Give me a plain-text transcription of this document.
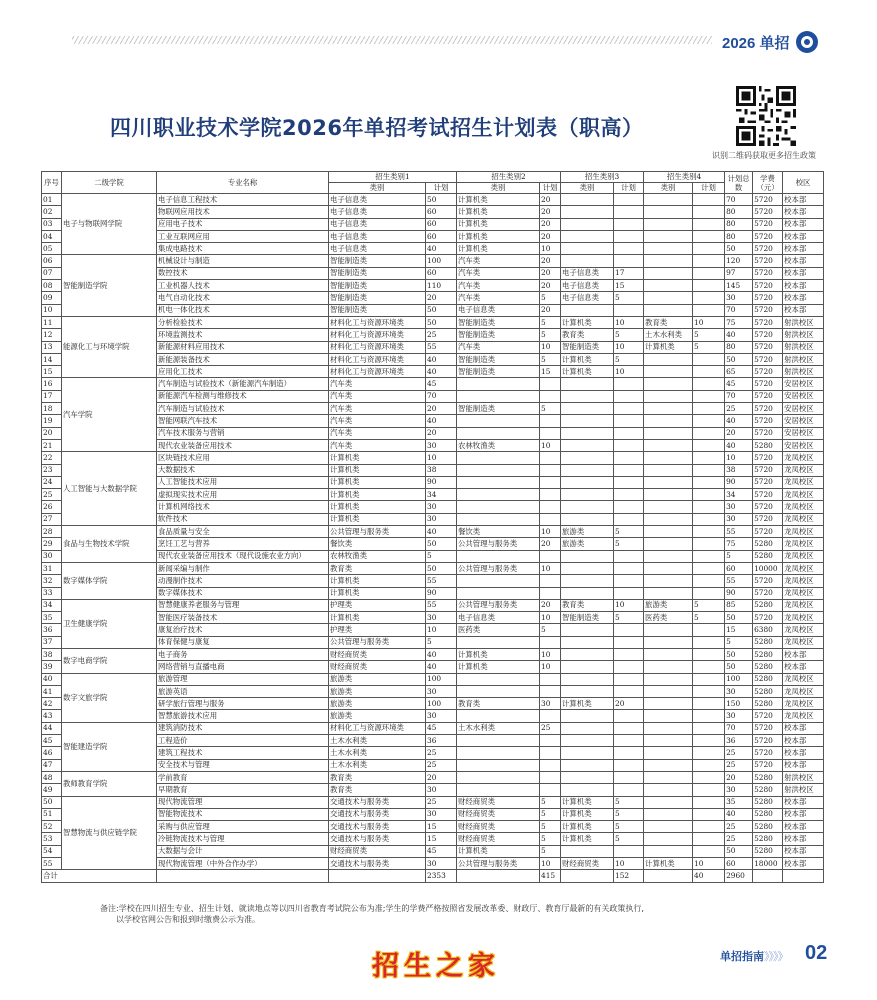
2026 单招
四川职业技术学院2026年单招考试招生计划表（职高）
识别二维码获取更多招生政策
序号	二级学院	专业名称	招生类别1		招生类别2		招生类别3		招生类别4		计划总数	学费（元）	校区
			类别	计划	类别	计划	类别	计划	类别	计划			
01	电子与物联网学院	电子信息工程技术	电子信息类	50	计算机类	20					70	5720	校本部
02		物联网应用技术	电子信息类	60	计算机类	20					80	5720	校本部
03		应用电子技术	电子信息类	60	计算机类	20					80	5720	校本部
04		工业互联网应用	电子信息类	60	计算机类	20					80	5720	校本部
05		集成电路技术	电子信息类	40	计算机类	10					50	5720	校本部
06	智能制造学院	机械设计与制造	智能制造类	100	汽车类	20					120	5720	校本部
07		数控技术	智能制造类	60	汽车类	20	电子信息类	17			97	5720	校本部
08		工业机器人技术	智能制造类	110	汽车类	20	电子信息类	15			145	5720	校本部
09		电气自动化技术	智能制造类	20	汽车类	5	电子信息类	5			30	5720	校本部
10		机电一体化技术	智能制造类	50	电子信息类	20					70	5720	校本部
11	能源化工与环境学院	分析检验技术	材料化工与资源环境类	50	智能制造类	5	计算机类	10	教育类	10	75	5720	射洪校区
12		环境监测技术	材料化工与资源环境类	25	智能制造类	5	教育类	5	土木水利类	5	40	5720	射洪校区
13		新能源材料应用技术	材料化工与资源环境类	55	汽车类	10	智能制造类	10	计算机类	5	80	5720	射洪校区
14		新能源装备技术	材料化工与资源环境类	40	智能制造类	5	计算机类	5			50	5720	射洪校区
15		应用化工技术	材料化工与资源环境类	40	智能制造类	15	计算机类	10			65	5720	射洪校区
16	汽车学院	汽车制造与试验技术（新能源汽车制造）	汽车类	45							45	5720	安居校区
17		新能源汽车检测与维修技术	汽车类	70							70	5720	安居校区
18		汽车制造与试验技术	汽车类	20	智能制造类	5					25	5720	安居校区
19		智能网联汽车技术	汽车类	40							40	5720	安居校区
20		汽车技术服务与营销	汽车类	20							20	5720	安居校区
21		现代农业装备应用技术	汽车类	30	农林牧渔类	10					40	5280	安居校区
22	人工智能与大数据学院	区块链技术应用	计算机类	10							10	5720	龙凤校区
23		大数据技术	计算机类	38							38	5720	龙凤校区
24		人工智能技术应用	计算机类	90							90	5720	龙凤校区
25		虚拟现实技术应用	计算机类	34							34	5720	龙凤校区
26		计算机网络技术	计算机类	30							30	5720	龙凤校区
27		软件技术	计算机类	30							30	5720	龙凤校区
28	食品与生物技术学院	食品质量与安全	公共管理与服务类	40	餐饮类	10	旅游类	5			55	5720	龙凤校区
29		烹饪工艺与营养	餐饮类	50	公共管理与服务类	20	旅游类	5			75	5280	龙凤校区
30		现代农业装备应用技术（现代设施农业方向）	农林牧渔类	5							5	5280	龙凤校区
31	数字媒体学院	新闻采编与制作	教育类	50	公共管理与服务类	10					60	10000	龙凤校区
32		动漫制作技术	计算机类	55							55	5720	龙凤校区
33		数字媒体技术	计算机类	90							90	5720	龙凤校区
34	卫生健康学院	智慧健康养老服务与管理	护理类	55	公共管理与服务类	20	教育类	10	旅游类	5	85	5280	龙凤校区
35		智能医疗装备技术	计算机类	30	电子信息类	10	智能制造类	5	医药类	5	50	5720	龙凤校区
36		康复治疗技术	护理类	10	医药类	5					15	6380	龙凤校区
37		体育保健与康复	公共管理与服务类	5							5	5280	龙凤校区
38	数字电商学院	电子商务	财经商贸类	40	计算机类	10					50	5280	校本部
39		网络营销与直播电商	财经商贸类	40	计算机类	10					50	5280	校本部
40	数字文旅学院	旅游管理	旅游类	100							100	5280	龙凤校区
41		旅游英语	旅游类	30							30	5280	龙凤校区
42		研学旅行管理与服务	旅游类	100	教育类	30	计算机类	20			150	5280	龙凤校区
43		智慧旅游技术应用	旅游类	30							30	5720	龙凤校区
44	智能建造学院	建筑消防技术	材料化工与资源环境类	45	土木水利类	25					70	5720	校本部
45		工程造价	土木水利类	36							36	5720	校本部
46		建筑工程技术	土木水利类	25							25	5720	校本部
47		安全技术与管理	土木水利类	25							25	5720	校本部
48	教师教育学院	学前教育	教育类	20							20	5280	射洪校区
49		早期教育	教育类	30							30	5280	射洪校区
50	智慧物流与供应链学院	现代物流管理	交通技术与服务类	25	财经商贸类	5	计算机类	5			35	5280	校本部
51		智能物流技术	交通技术与服务类	30	财经商贸类	5	计算机类	5			40	5280	校本部
52		采购与供应管理	交通技术与服务类	15	财经商贸类	5	计算机类	5			25	5280	校本部
53		冷链物流技术与管理	交通技术与服务类	15	财经商贸类	5	计算机类	5			25	5280	校本部
54		大数据与会计	财经商贸类	45	计算机类	5					50	5280	校本部
55		现代物流管理（中外合作办学）	交通技术与服务类	30	公共管理与服务类	10	财经商贸类	10	计算机类	10	60	18000	校本部
合计				2353		415		152		40	2960		
备注:学校在四川招生专业、招生计划、就读地点等以四川省教育考试院公布为准;学生的学费严格按照省发展改革委、财政厅、教育厅最新的有关政策执行,
以学校官网公告和报到时缴费公示为准。
招生之家	单招指南》》》》 02
